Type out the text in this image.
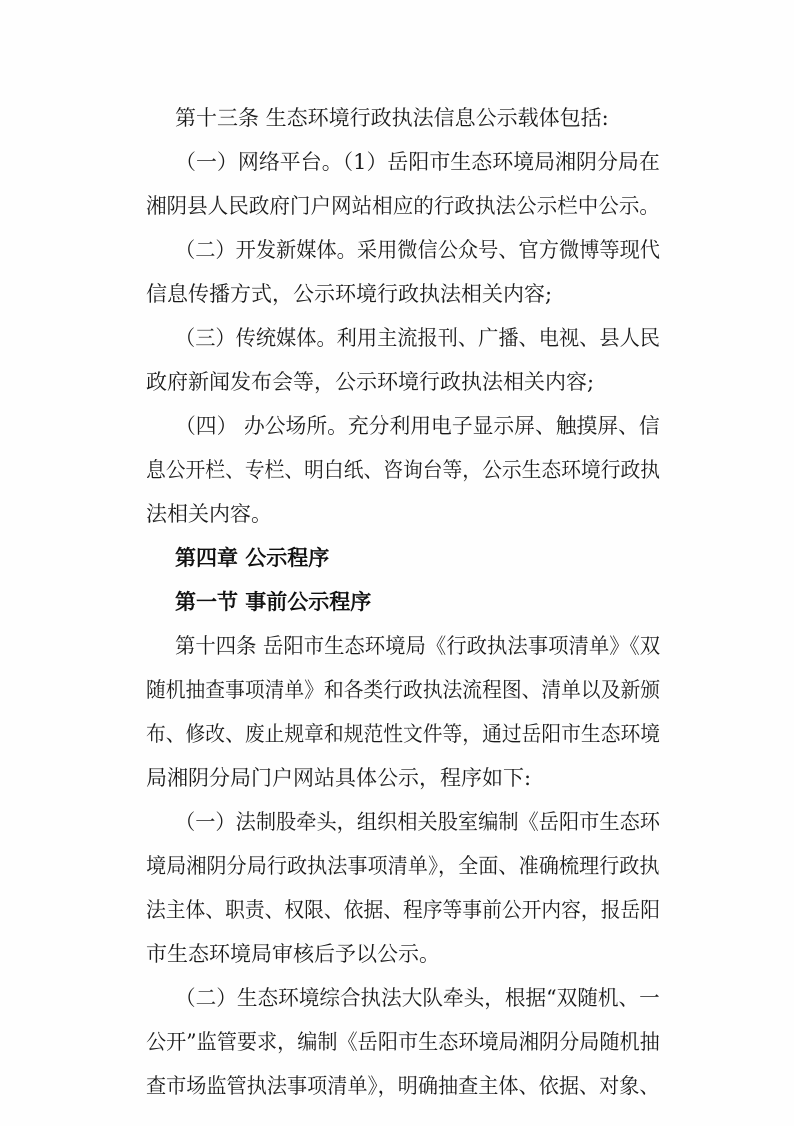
第十三条 生态环境行政执法信息公示载体包括:
（一）网络平台。（1）岳阳市生态环境局湘阴分局在
湘阴县人民政府门户网站相应的行政执法公示栏中公示。
（二）开发新媒体。采用微信公众号、官方微博等现代
信息传播方式，公示环境行政执法相关内容;
（三）传统媒体。利用主流报刊、广播、电视、县人民
政府新闻发布会等，公示环境行政执法相关内容;
（四） 办公场所。充分利用电子显示屏、触摸屏、信
息公开栏、专栏、明白纸、咨询台等，公示生态环境行政执
法相关内容。
第四章 公示程序
第一节 事前公示程序
第十四条 岳阳市生态环境局《行政执法事项清单》《双
随机抽查事项清单》和各类行政执法流程图、清单以及新颁
布、修改、废止规章和规范性文件等，通过岳阳市生态环境
局湘阴分局门户网站具体公示，程序如下:
（一）法制股牵头，组织相关股室编制《岳阳市生态环
境局湘阴分局行政执法事项清单》，全面、准确梳理行政执
法主体、职责、权限、依据、程序等事前公开内容，报岳阳
市生态环境局审核后予以公示。
（二）生态环境综合执法大队牵头，根据“双随机、一
公开”监管要求，编制《岳阳市生态环境局湘阴分局随机抽
查市场监管执法事项清单》，明确抽查主体、依据、对象、
